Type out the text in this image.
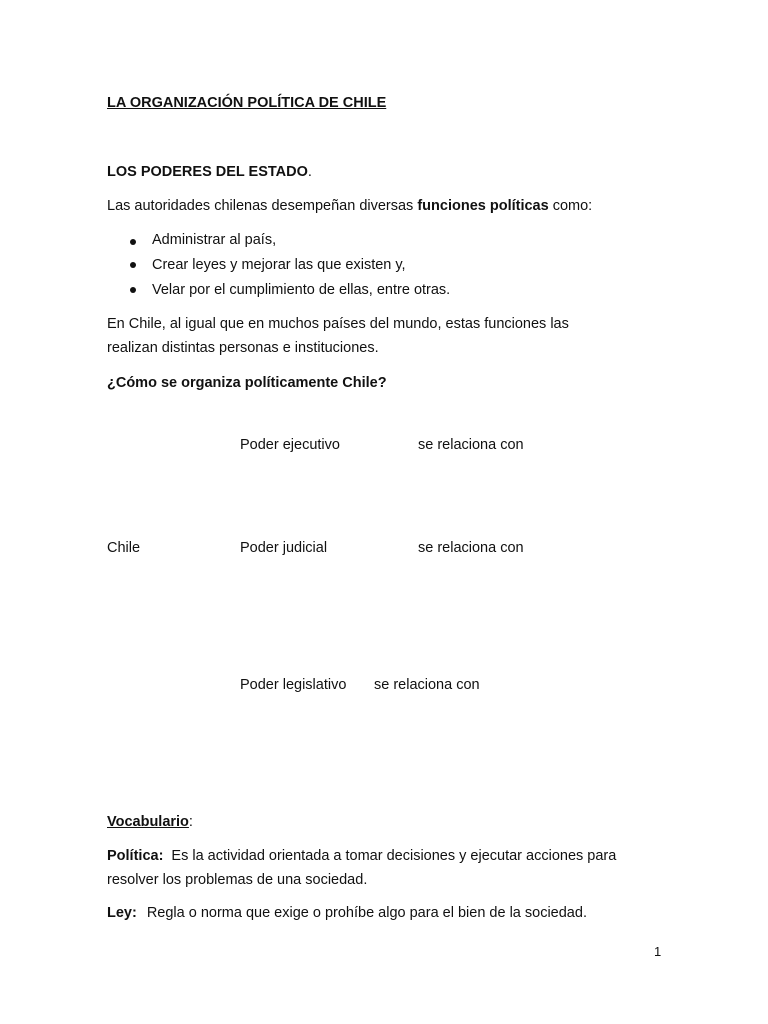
LA ORGANIZACIÓN POLÍTICA DE CHILE
LOS PODERES DEL ESTADO.
Las autoridades chilenas desempeñan diversas funciones políticas como:
Administrar al país,
Crear leyes y mejorar las que existen y,
Velar por el cumplimiento de ellas, entre otras.
En Chile, al igual que en muchos países del mundo, estas funciones las
realizan distintas personas e instituciones.
¿Cómo se organiza políticamente Chile?
Poder ejecutivo	se relaciona con
Chile	Poder judicial	se relaciona con
Poder legislativo se relaciona con
Vocabulario:
Política: Es la actividad orientada a tomar decisiones y ejecutar acciones para
resolver los problemas de una sociedad.
Ley: Regla o norma que exige o prohíbe algo para el bien de la sociedad.
1
